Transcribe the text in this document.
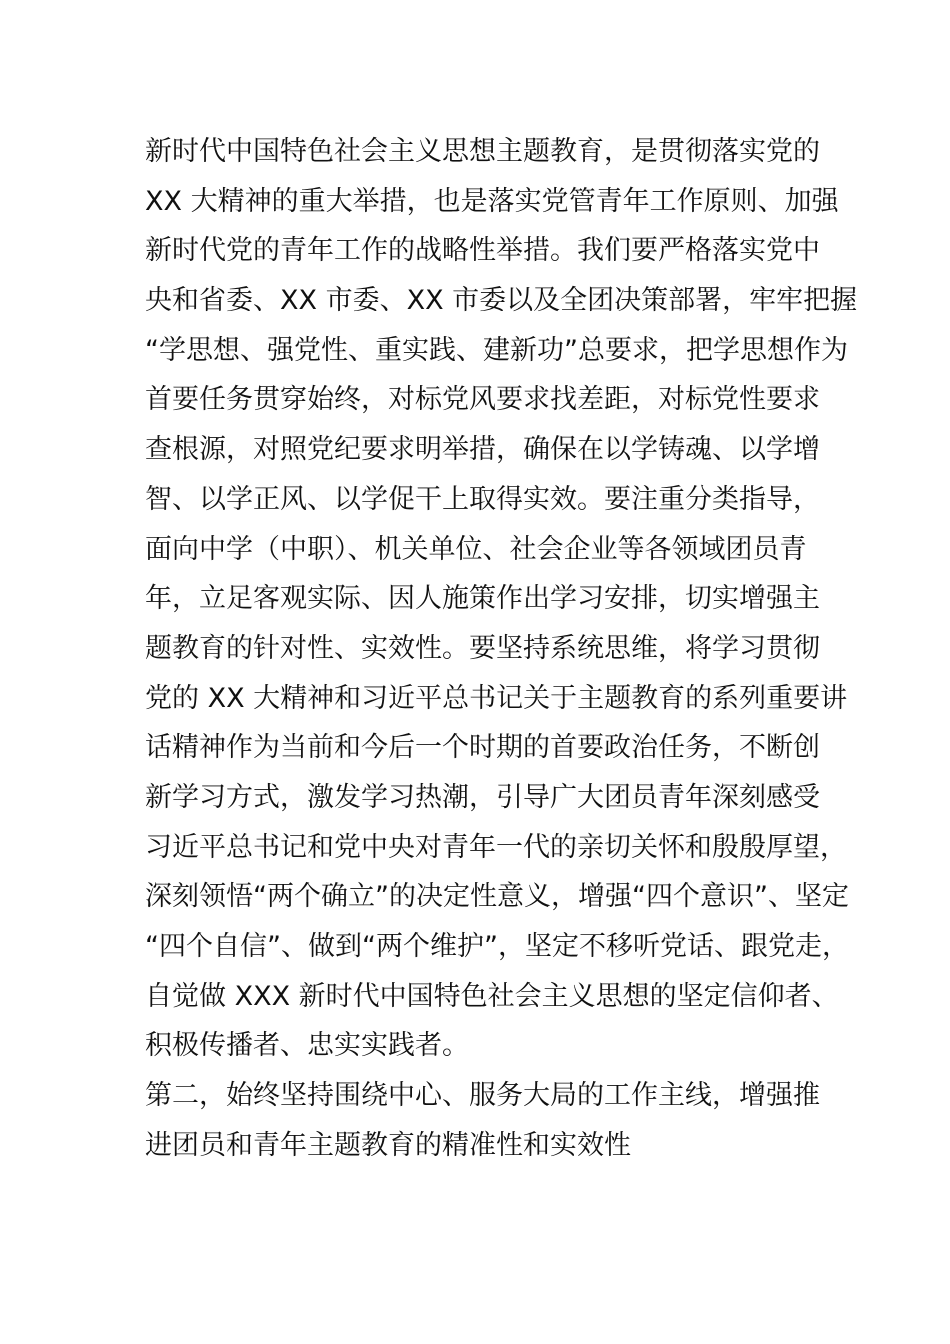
新时代中国特色社会主义思想主题教育，是贯彻落实党的
XX 大精神的重大举措，也是落实党管青年工作原则、加强
新时代党的青年工作的战略性举措。我们要严格落实党中
央和省委、XX 市委、XX 市委以及全团决策部署，牢牢把握
“学思想、强党性、重实践、建新功”总要求，把学思想作为
首要任务贯穿始终，对标党风要求找差距，对标党性要求
查根源，对照党纪要求明举措，确保在以学铸魂、以学增
智、以学正风、以学促干上取得实效。要注重分类指导，
面向中学（中职）、机关单位、社会企业等各领域团员青
年，立足客观实际、因人施策作出学习安排，切实增强主
题教育的针对性、实效性。要坚持系统思维，将学习贯彻
党的 XX 大精神和习近平总书记关于主题教育的系列重要讲
话精神作为当前和今后一个时期的首要政治任务，不断创
新学习方式，激发学习热潮，引导广大团员青年深刻感受
习近平总书记和党中央对青年一代的亲切关怀和殷殷厚望，
深刻领悟“两个确立”的决定性意义，增强“四个意识”、坚定
“四个自信”、做到“两个维护”，坚定不移听党话、跟党走，
自觉做 XXX 新时代中国特色社会主义思想的坚定信仰者、
积极传播者、忠实实践者。
第二，始终坚持围绕中心、服务大局的工作主线，增强推
进团员和青年主题教育的精准性和实效性
